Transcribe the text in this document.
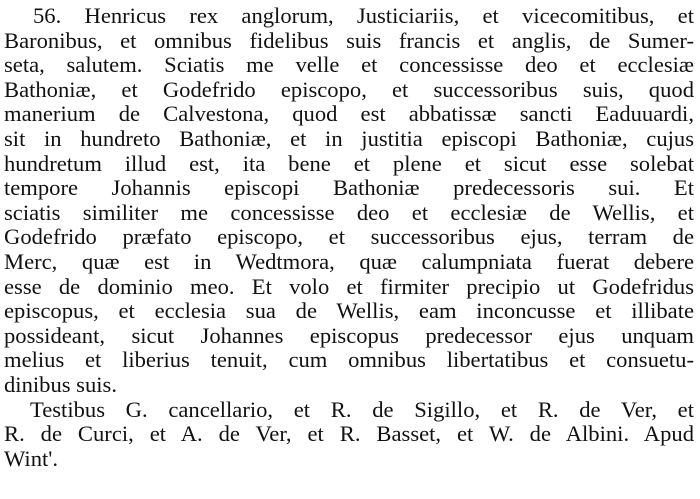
56. Henricus rex anglorum, Justiciariis, et vicecomitibus, et
Baronibus, et omnibus fidelibus suis francis et anglis, de Sumer-
seta, salutem. Sciatis me velle et concessisse deo et ecclesiæ
Bathoniæ, et Godefrido episcopo, et successoribus suis, quod
manerium de Calvestona, quod est abbatissæ sancti Eaduuardi,
sit in hundreto Bathoniæ, et in justitia episcopi Bathoniæ, cujus
hundretum illud est, ita bene et plene et sicut esse solebat
tempore Johannis episcopi Bathoniæ predecessoris sui. Et
sciatis similiter me concessisse deo et ecclesiæ de Wellis, et
Godefrido præfato episcopo, et successoribus ejus, terram de
Merc, quæ est in Wedtmora, quæ calumpniata fuerat debere
esse de dominio meo. Et volo et firmiter precipio ut Godefridus
episcopus, et ecclesia sua de Wellis, eam inconcusse et illibate
possideant, sicut Johannes episcopus predecessor ejus unquam
melius et liberius tenuit, cum omnibus libertatibus et consuetu-
dinibus suis.
Testibus G. cancellario, et R. de Sigillo, et R. de Ver, et
R. de Curci, et A. de Ver, et R. Basset, et W. de Albini. Apud
Wint'.
